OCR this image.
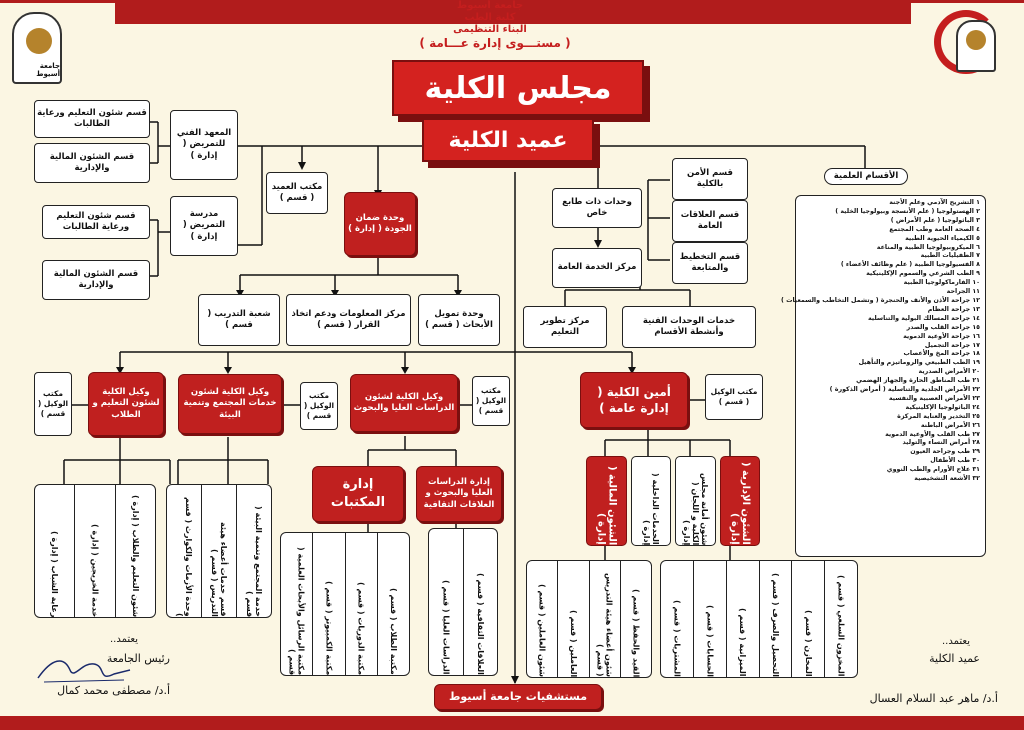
جامعة أسيوط
كلية الطب
البناء التنظيمى
( مستـــوى إدارة عـــامة )
جامعة أسيوط	مجلس الكلية
عميد الكلية
المعهد الفني للتمريض ( إدارة )
قسم شئون التعليم ورعاية الطالبات
قسم الشئون المالية والإدارية
مدرسة التمريض ( إدارة )
قسم شئون التعليم ورعاية الطالبات
قسم الشئون المالية والإدارية
مكتب العميد ( قسم )
وحدة ضمان الجودة ( إدارة )
شعبة التدريب ( قسم )
مركز المعلومات ودعم اتخاذ القرار ( قسم )
وحدة تمويل الأبحاث ( قسم )
وحدات ذات طابع خاص
مركز الخدمة العامة
قسم الأمن بالكلية
قسم العلاقات العامة
قسم التخطيط والمتابعة
مركز تطوير التعليم
خدمات الوحدات الفنية وأنشطة الأقسام
الأقسام العلمية
١ التشريح الآدمي وعلم الأجنة
٢ الهستولوجيا ( علم الأنسجة وبيولوجيا الخلية )
٣ الباثولوجيا ( علم الأمراض )
٤ الصحة العامة وطب المجتمع
٥ الكيمياء الحيوية الطبية
٦ الميكروبيولوجيا الطبية والمناعة
٧ الطفيليات الطبية
٨ الفسيولوجيا الطبية ( علم وظائف الأعضاء )
٩ الطب الشرعي والسموم الإكلينيكية
١٠ الفارماكولوجيا الطبية
١١ الجراحة
١٢ جراحة الأذن والأنف والحنجرة ( وتشمل التخاطب والسمعيات )
١٣ جراحة العظام
١٤ جراحة المسالك البولية والتناسلية
١٥ جراحة القلب والصدر
١٦ جراحة الأوعية الدموية
١٧ جراحة التجميل
١٨ جراحة المخ والأعصاب
١٩ الطب الطبيعي والروماتيزم والتأهيل
٢٠ الأمراض الصدرية
٢١ طب المناطق الحارة والجهاز الهضمي
٢٢ الأمراض الجلدية والتناسلية ( أمراض الذكورة )
٢٣ الأمراض العصبية والنفسية
٢٤ الباثولوجيا الإكلينيكية
٢٥ التخدير والعناية المركزة
٢٦ الأمراض الباطنة
٢٧ طب القلب والأوعية الدموية
٢٨ أمراض النساء والتوليد
٢٩ طب وجراحة العيون
٣٠ طب الأطفال
٣١ علاج الأورام والطب النووي
٣٢ الأشعة التشخيصية
مكتب الوكيل ( قسم )
وكيل الكلية لشئون التعليم و الطلاب
وكيل الكلية لشئون خدمات المجتمع وتنمية البيئة
مكتب الوكيل ( قسم )
وكيل الكلية لشئون الدراسات العليا والبحوث
مكتب الوكيل ( قسم )
أمين الكلية ( إدارة عامة )
مكتب الوكيل ( قسم )
شئون التعليم والطلاب ( إدارة )
خدمة الخريجين ( إدارة )
رعاية الشباب ( إدارة )	خدمة المجتمع وتنمية البيئة ( قسم )
قسم خدمات أعضاء هيئة التدريس ( قسم )
وحدة الأزمات والكوارث ( قسم )
إدارة المكتبات
إدارة الدراسات العليا والبحوث و العلاقات الثقافية
مكتبة الطلاب ( قسم )
مكتبة الدوريات ( قسم )
مكتبة الكمبيوتر ( قسم )
مكتبة الرسائل والأبحاث العلمية ( قسم )	العلاقات الثقافية ( قسم )
الدراسات العليا ( قسم )
الشئون الإدارية ( إدارة )
شئون أمانة مجلس الكلية و اللجان ( إدارة )
الخدمات الداخلية ( إدارة )
الشئون المالية ( إدارة )
القيد والحفظ ( قسم )
شئون أعضاء هيئة التدريس ( قسم )
العاملين ( قسم )
شئون العاملين ( قسم )	المخزون السلعي ( قسم )
المخازن ( قسم )
التحصيل والصرف ( قسم )
الميزانية ( قسم )
الحسابات ( قسم )
المشتريات ( قسم )
مستشفيات جامعة أسيوط
يعتمد..
رئيس الجامعة
أ.د/ مصطفى محمد كمال
يعتمد..
عميد الكلية
أ.د/ ماهر عبد السلام العسال
